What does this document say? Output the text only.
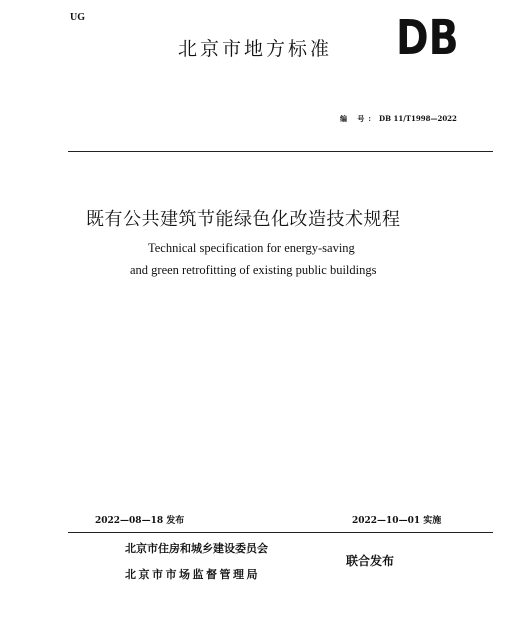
UG
北京市地方标准 DB
编 号: DB 11/T1998—2022
既有公共建筑节能绿色化改造技术规程
Technical specification for energy-saving
and green retrofitting of existing public buildings
2022—08—18 发布	2022—10—01 实施
北京市住房和城乡建设委员会
北京市市场监督管理局
联合发布
